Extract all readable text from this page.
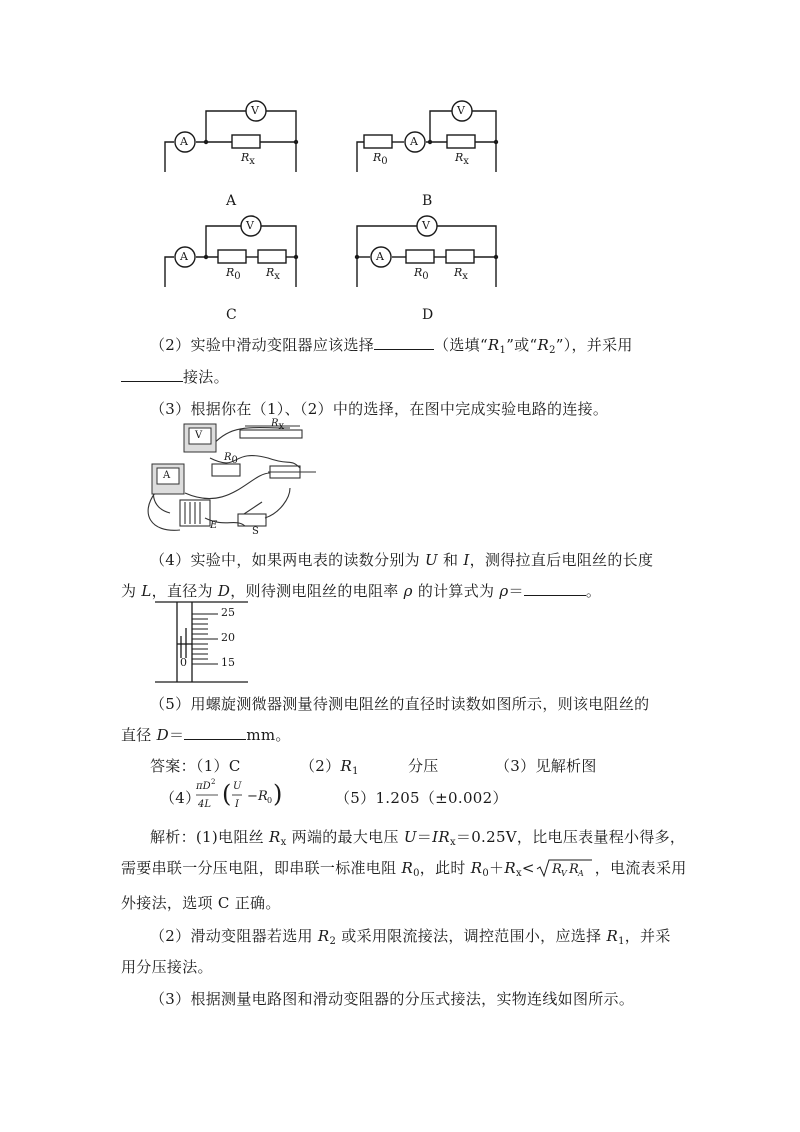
A
V
A
V
A
V
A
V
$R_x$	$R_0$	$R_x$
$R_0$ $R_x$	$R_0$ $R_x$
A	B
C	D
（2）实验中滑动变阻器应该选择	（选填“$R_1$”或“$R_2$”），并采用
接法。
（3）根据你在（1）、（2）中的选择，在图中完成实验电路的连接。
V
A
$R_x$
$R_0$
E
S
（4）实验中，如果两电表的读数分别为 U 和 I，测得拉直后电阻丝的长度
为 L，直径为 D，则待测电阻丝的电阻率 ρ 的计算式为 ρ＝	。
25
20
15
0
（5）用螺旋测微器测量待测电阻丝的直径时读数如图所示，则该电阻丝的
直径 D＝	mm。
答案：（1）C	$(2)R_1$	分压	（3）见解析图
（4）
πD 2
4L ( U
I
− R 0 )	（5）1.205（±0.002）
解析：(1)电阻丝 $R_x$ 两端的最大电压 $U=IR_x=0.25V$，比电压表量程小得多，
需要串联一分压电阻，即串联一标准电阻 $R_0$，此时 $R_0+R_x< R$
V R
A ，电流表采用
外接法，选项 C 正确。
（2）滑动变阻器若选用 $R_2$ 或采用限流接法，调控范围小，应选择 $R_1$，并采
用分压接法。
（3）根据测量电路图和滑动变阻器的分压式接法，实物连线如图所示。
